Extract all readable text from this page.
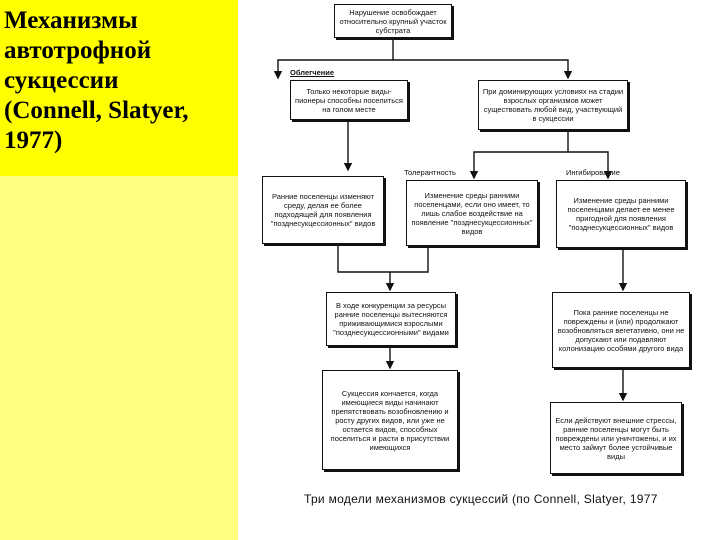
Механизмы
автотрофной
сукцессии
(Connell, Slatyer,
1977)

Нарушение освобождает относительно крупный участок субстрата
Облегчение
Только некоторые виды-пионеры способны поселиться на голом месте
При доминирующих условиях на стадии взрослых организмов может существовать любой вид, участвующий в сукцессии
Толерантность	Ингибирование
Ранние поселенцы изменяют среду, делая ее более подходящей для появления "позднесукцессионных" видов
Изменение среды ранними поселенцами, если оно имеет, то лишь слабое воздействие на появление "позднесукцессионных" видов
Изменение среды ранними поселенцами делает ее менее пригодной для появления "позднесукцессионных" видов
В ходе конкуренции за ресурсы ранние поселенцы вытесняются приживающимися взрослыми "позднесукцессионными" видами
Пока ранние поселенцы не повреждены и (или) продолжают возобновляться вегетативно, они не допускают или подавляют колонизацию особями другого вида
Сукцессия кончается, когда имеющиеся виды начинают препятствовать возобновлению и росту других видов, или уже не остается видов, способных поселиться и расти в присутствии имеющихся
Если действуют внешние стрессы, ранние поселенцы могут быть повреждены или уничтожены, и их место займут более устойчивые виды
Три модели механизмов сукцессий (по Connell, Slatyer, 1977
